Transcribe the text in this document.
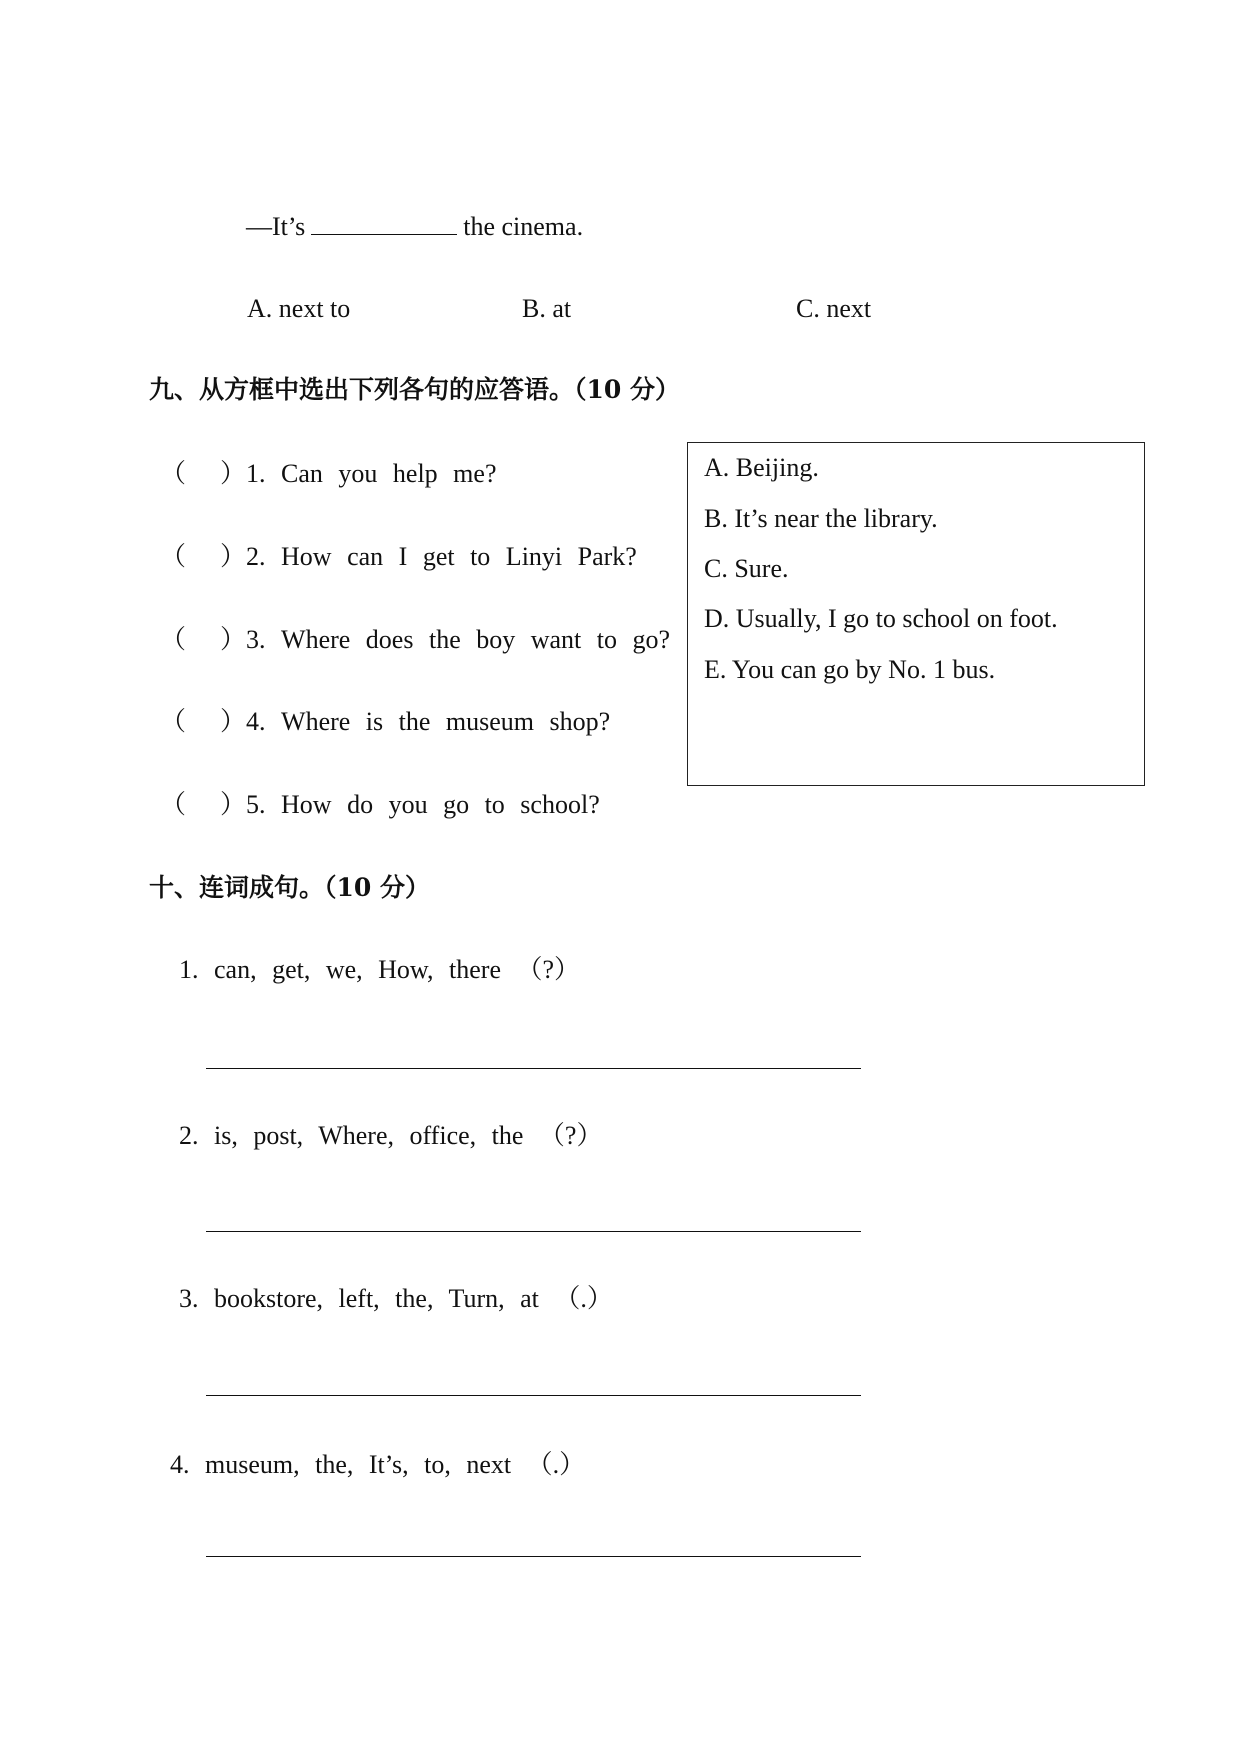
—It’s	the cinema.
A. next to	B. at	C. next
九、从方框中选出下列各句的应答语。（10 分）
（ ）1. Can you help me?
（ ）2. How can I get to Linyi Park?
（ ）3. Where does the boy want to go?
（ ）4. Where is the museum shop?
（ ）5. How do you go to school?
A. Beijing.
B. It’s near the library.
C. Sure.
D. Usually, I go to school on foot.
E. You can go by No. 1 bus.
十、连词成句。（10 分）
1. can, get, we, How, there （?）
2. is, post, Where, office, the （?）
3. bookstore, left, the, Turn, at （.）
4. museum, the, It’s, to, next （.）
